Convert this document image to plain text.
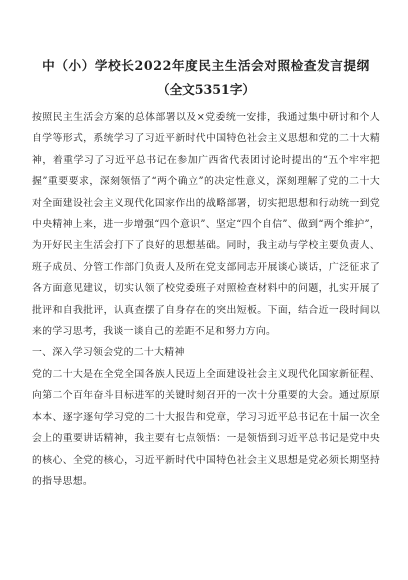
中（小）学校长2022年度民主生活会对照检查发言提纲
（全文5351字）

按照民主生活会方案的总体部署以及×党委统一安排，我通过集中研讨和个人自学等形式，系统学习了习近平新时代中国特色社会主义思想和党的二十大精神，着重学习了习近平总书记在参加广西省代表团讨论时提出的“五个牢牢把握”重要要求，深刻领悟了“两个确立”的决定性意义，深刻理解了党的二十大对全面建设社会主义现代化国家作出的战略部署，切实把思想和行动统一到党中央精神上来，进一步增强“四个意识”、坚定“四个自信”、做到“两个维护”，为开好民主生活会打下了良好的思想基础。同时，我主动与学校主要负责人、班子成员、分管工作部门负责人及所在党支部同志开展谈心谈话，广泛征求了各方面意见建议，切实认领了校党委班子对照检查材料中的问题，扎实开展了批评和自我批评，认真查摆了自身存在的突出短板。下面，结合近一段时间以来的学习思考，我谈一谈自己的差距不足和努力方向。

一、深入学习领会党的二十大精神

党的二十大是在全党全国各族人民迈上全面建设社会主义现代化国家新征程、向第二个百年奋斗目标进军的关键时刻召开的一次十分重要的大会。通过原原本本、逐字逐句学习党的二十大报告和党章，学习习近平总书记在十届一次全会上的重要讲话精神，我主要有七点领悟：一是领悟到习近平总书记是党中央的核心、全党的核心，习近平新时代中国特色社会主义思想是党必须长期坚持的指导思想。
